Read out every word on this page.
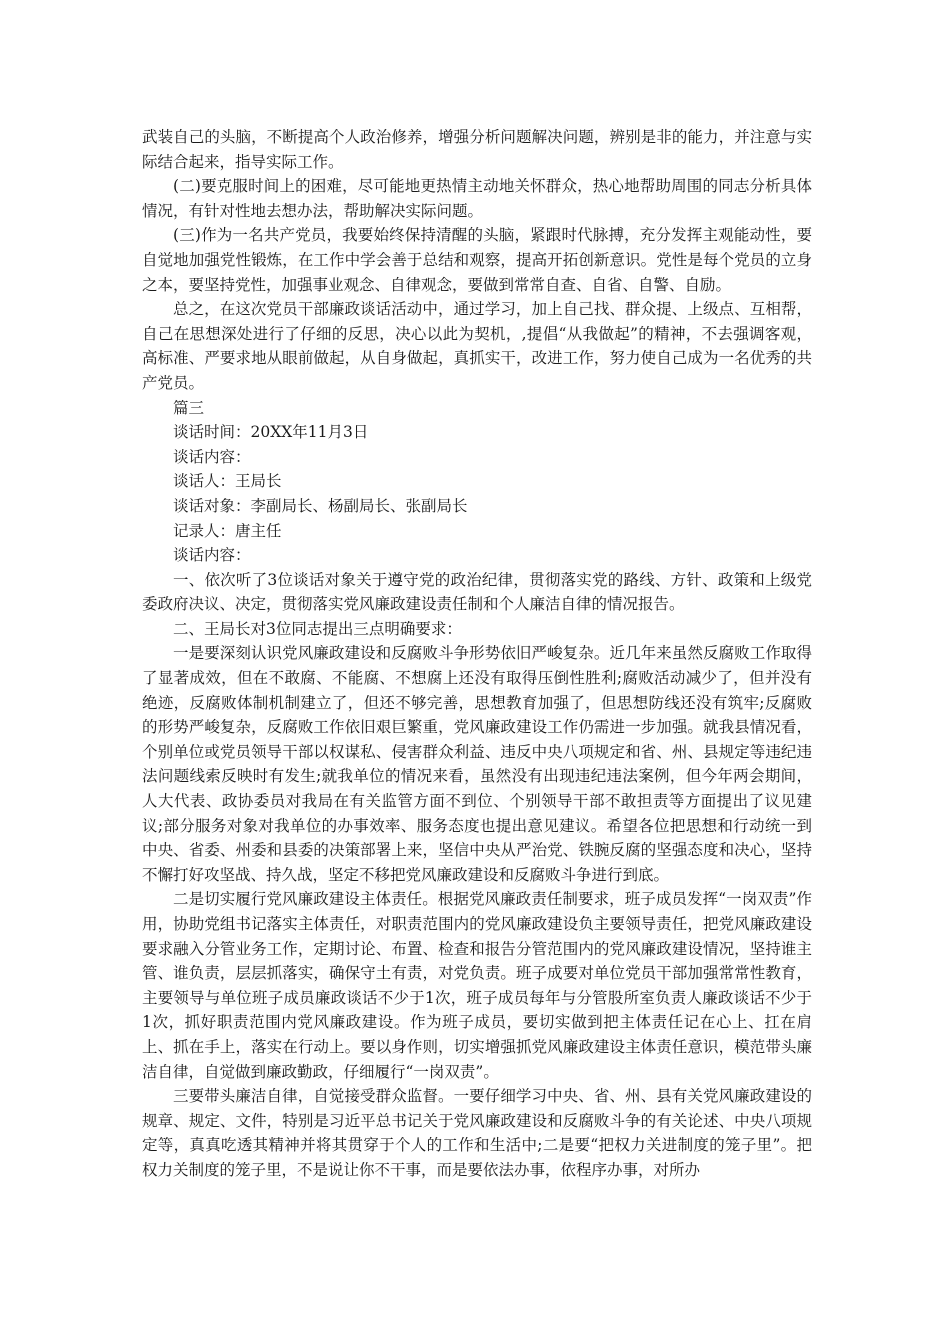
武装自己的头脑，不断提高个人政治修养，增强分析问题解决问题，辨别是非的能力，并注意与实际结合起来，指导实际工作。

(二)要克服时间上的困难，尽可能地更热情主动地关怀群众，热心地帮助周围的同志分析具体情况，有针对性地去想办法，帮助解决实际问题。

(三)作为一名共产党员，我要始终保持清醒的头脑，紧跟时代脉搏，充分发挥主观能动性，要自觉地加强党性锻炼，在工作中学会善于总结和观察，提高开拓创新意识。党性是每个党员的立身之本，要坚持党性，加强事业观念、自律观念，要做到常常自查、自省、自警、自励。

总之，在这次党员干部廉政谈话活动中，通过学习，加上自己找、群众提、上级点、互相帮，自己在思想深处进行了仔细的反思，决心以此为契机，,提倡“从我做起”的精神，不去强调客观，高标准、严要求地从眼前做起，从自身做起，真抓实干，改进工作，努力使自己成为一名优秀的共产党员。

篇三

谈话时间：20XX年11月3日

谈话内容：

谈话人：王局长

谈话对象：李副局长、杨副局长、张副局长

记录人：唐主任

谈话内容：

一、依次听了3位谈话对象关于遵守党的政治纪律，贯彻落实党的路线、方针、政策和上级党委政府决议、决定，贯彻落实党风廉政建设责任制和个人廉洁自律的情况报告。

二、王局长对3位同志提出三点明确要求：

一是要深刻认识党风廉政建设和反腐败斗争形势依旧严峻复杂。近几年来虽然反腐败工作取得了显著成效，但在不敢腐、不能腐、不想腐上还没有取得压倒性胜利;腐败活动减少了，但并没有绝迹，反腐败体制机制建立了，但还不够完善，思想教育加强了，但思想防线还没有筑牢;反腐败的形势严峻复杂，反腐败工作依旧艰巨繁重，党风廉政建设工作仍需进一步加强。就我县情况看，个别单位或党员领导干部以权谋私、侵害群众利益、违反中央八项规定和省、州、县规定等违纪违法问题线索反映时有发生;就我单位的情况来看，虽然没有出现违纪违法案例，但今年两会期间，人大代表、政协委员对我局在有关监管方面不到位、个别领导干部不敢担责等方面提出了议见建议;部分服务对象对我单位的办事效率、服务态度也提出意见建议。希望各位把思想和行动统一到中央、省委、州委和县委的决策部署上来，坚信中央从严治党、铁腕反腐的坚强态度和决心，坚持不懈打好攻坚战、持久战，坚定不移把党风廉政建设和反腐败斗争进行到底。

二是切实履行党风廉政建设主体责任。根据党风廉政责任制要求，班子成员发挥“一岗双责”作用，协助党组书记落实主体责任，对职责范围内的党风廉政建设负主要领导责任，把党风廉政建设要求融入分管业务工作，定期讨论、布置、检查和报告分管范围内的党风廉政建设情况，坚持谁主管、谁负责，层层抓落实，确保守土有责，对党负责。班子成要对单位党员干部加强常常性教育，主要领导与单位班子成员廉政谈话不少于1次，班子成员每年与分管股所室负责人廉政谈话不少于1次，抓好职责范围内党风廉政建设。作为班子成员，要切实做到把主体责任记在心上、扛在肩上、抓在手上，落实在行动上。要以身作则，切实增强抓党风廉政建设主体责任意识，模范带头廉洁自律，自觉做到廉政勤政，仔细履行“一岗双责”。

三要带头廉洁自律，自觉接受群众监督。一要仔细学习中央、省、州、县有关党风廉政建设的规章、规定、文件，特别是习近平总书记关于党风廉政建设和反腐败斗争的有关论述、中央八项规定等，真真吃透其精神并将其贯穿于个人的工作和生活中;二是要“把权力关进制度的笼子里”。把权力关制度的笼子里，不是说让你不干事，而是要依法办事，依程序办事，对所办
